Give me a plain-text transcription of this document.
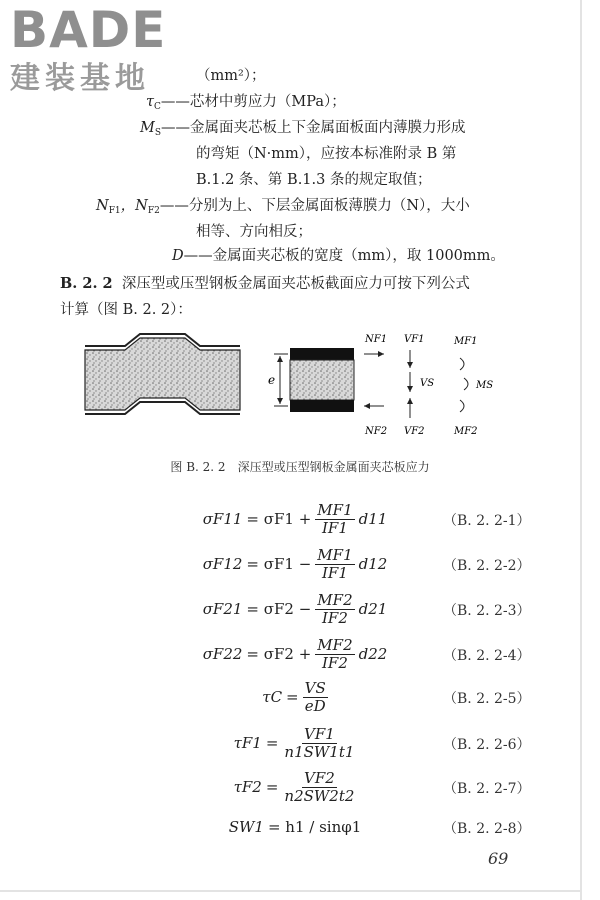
BADE
建装基地	（mm²）；
$\tau_C——$芯材中剪应力（MPa）；
$M_S——$金属面夹芯板上下金属面板面内薄膜力形成
的弯矩（N·mm），应按本标准附录 B 第
B.1.2 条、第 B.1.3 条的规定取值；
$N_{F1}$，$N_{F2}——$分别为上、下层金属面板薄膜力（N），大小
相等、方向相反；
D——金属面夹芯板的宽度（mm），取 1000mm。
B. 2. 2 深压型或压型钢板金属面夹芯板截面应力可按下列公式
计算（图 B. 2. 2）：
e
NF1
NF2
VF1
VS
VF2
MF1
MS
MF2
图 B. 2. 2　深压型或压型钢板金属面夹芯板应力
$\sigma F11 = \sigma F1 + \frac{MF1}{IF1} d11$	（B. 2. 2-1）
$\sigma F12 = \sigma F1 - \frac{MF1}{IF1} d12$	（B. 2. 2-2）
$\sigma F21 = \sigma F2 - \frac{MF2}{IF2} d21$	（B. 2. 2-3）
$\sigma F22 = \sigma F2 + \frac{MF2}{IF2} d22$	（B. 2. 2-4）
$\tau C = \frac{VS}{eD}$	（B. 2. 2-5）
$\tau F1 = \frac{VF1}{n1SW1t1}$	（B. 2. 2-6）
$\tau F2 = \frac{VF2}{n2SW2t2}$	（B. 2. 2-7）
SW1 = h1 / sinφ1	（B. 2. 2-8）
69
